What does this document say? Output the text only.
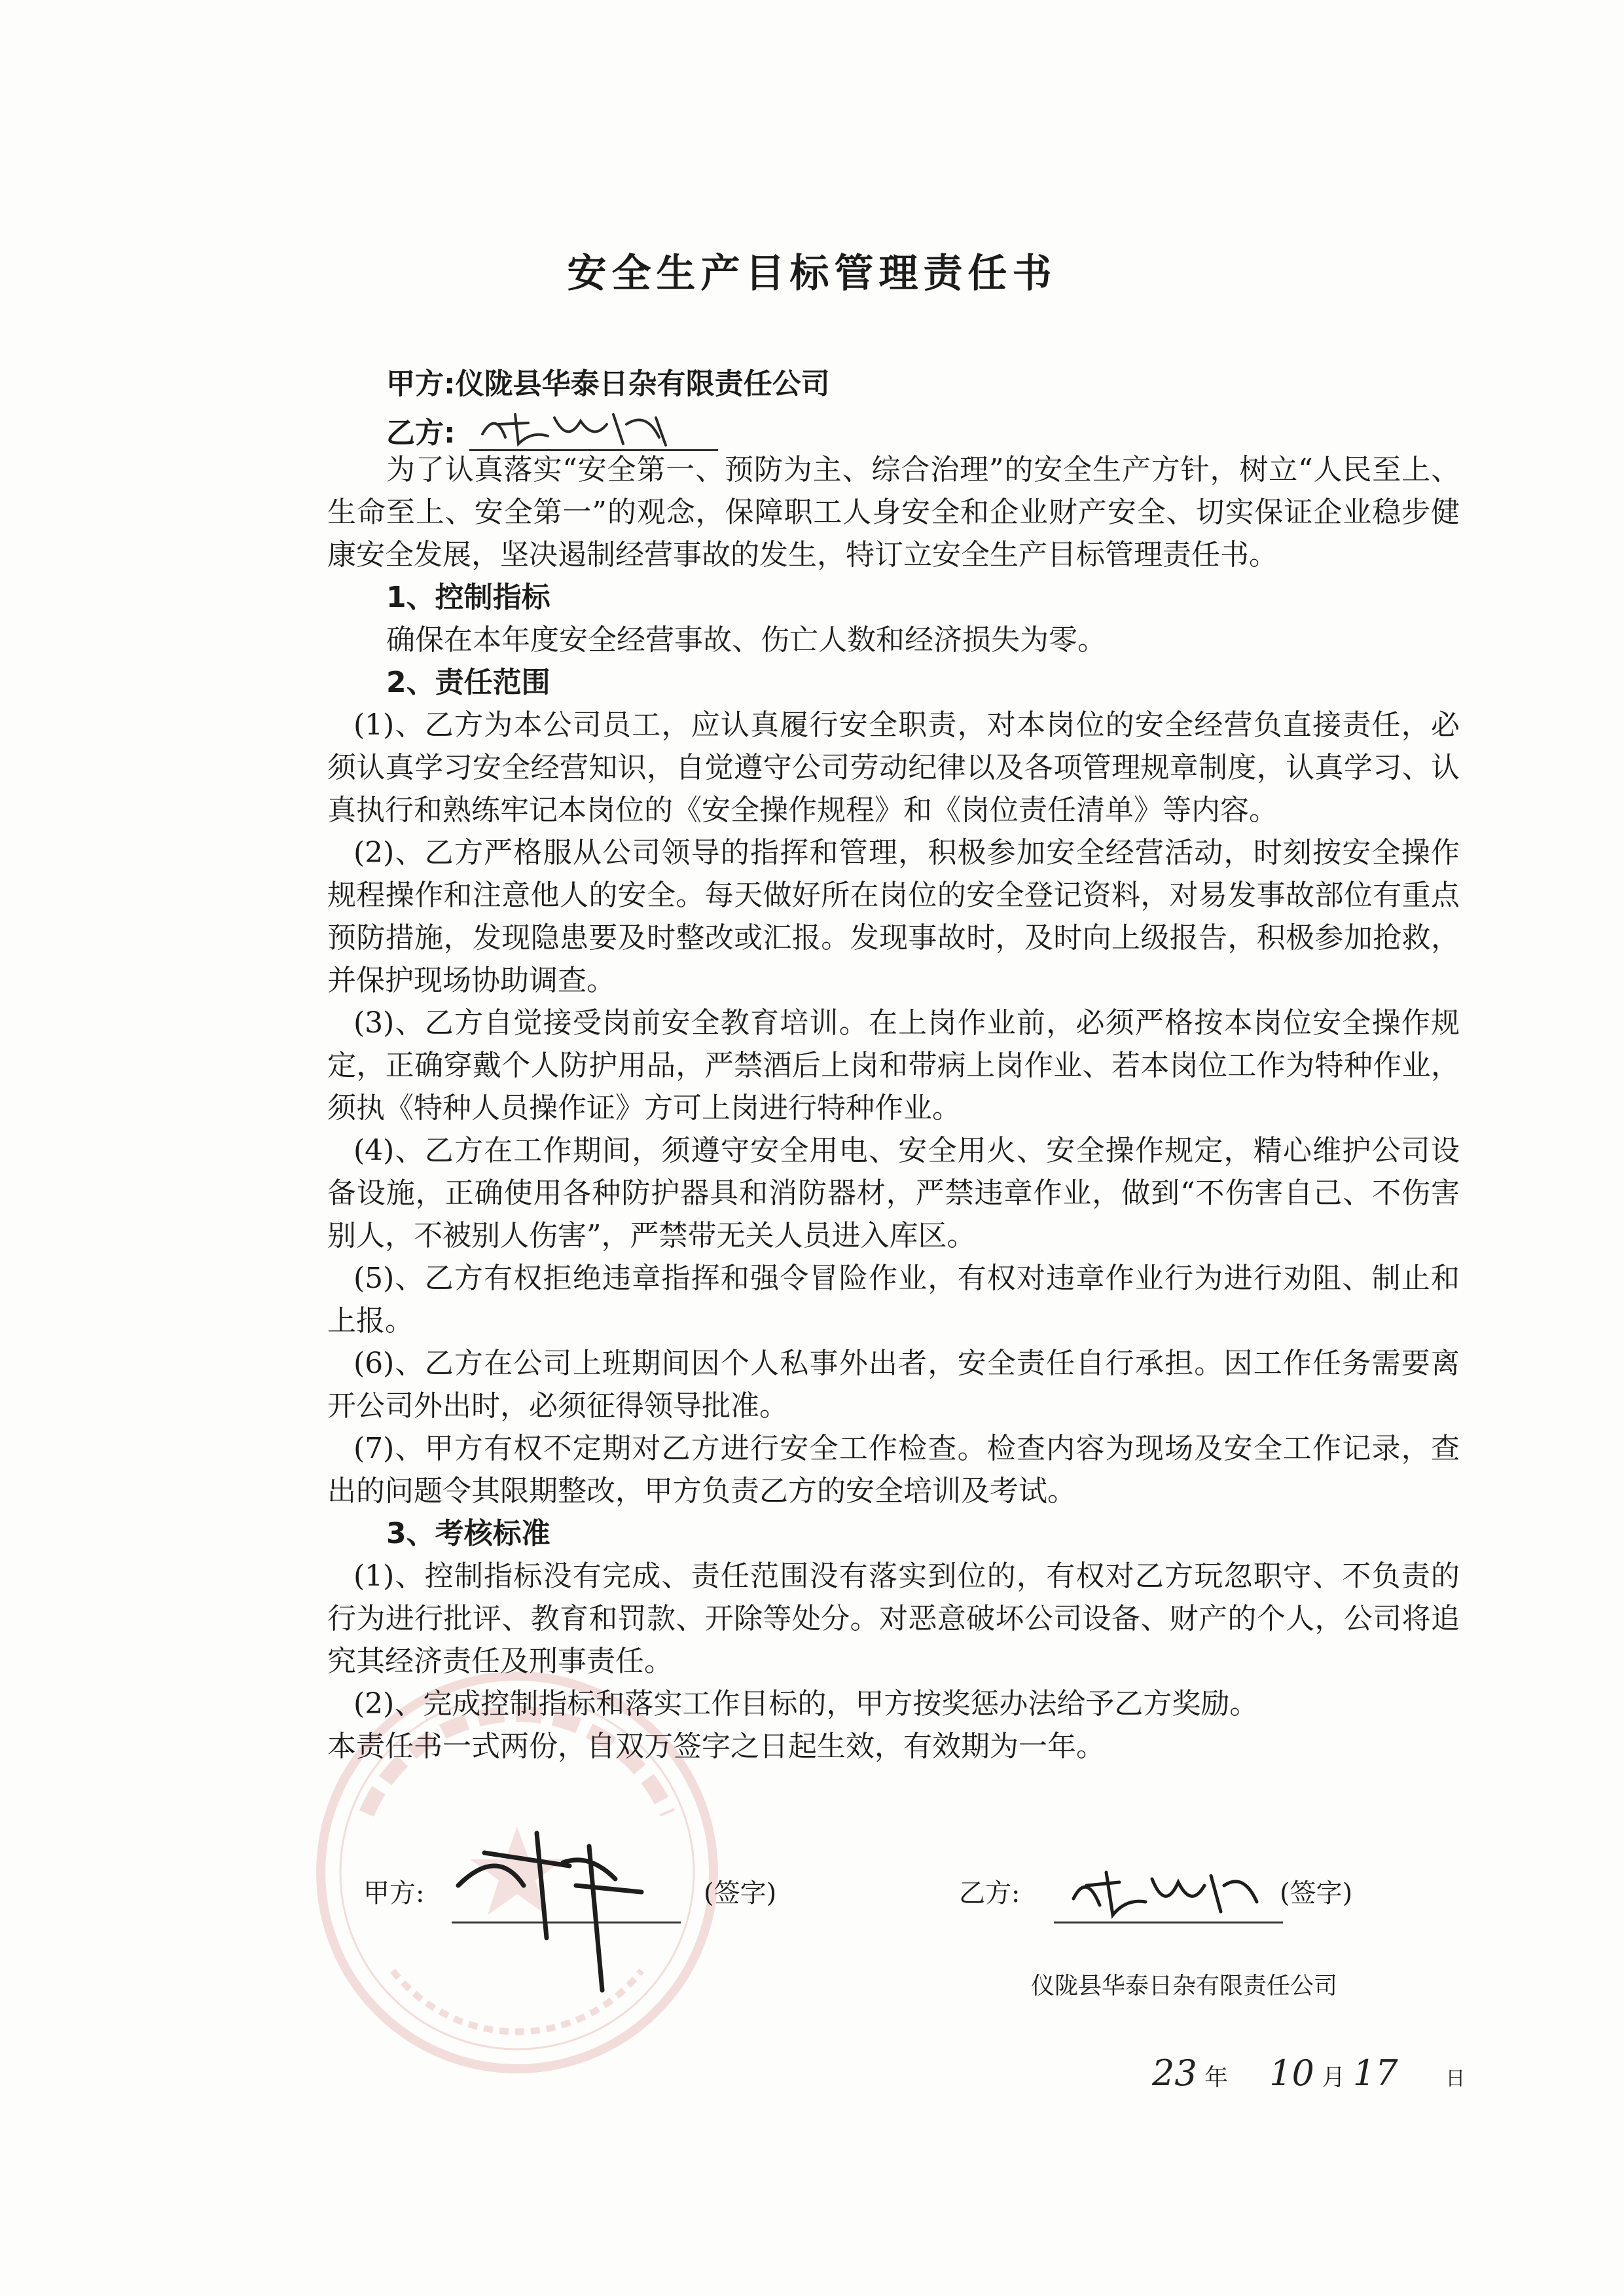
安全生产目标管理责任书
甲方:仪陇县华泰日杂有限责任公司
乙方:

为了认真落实“安全第一、预防为主、综合治理”的安全生产方针，树立“人民至上、生命至上、安全第一”的观念，保障职工人身安全和企业财产安全、切实保证企业稳步健康安全发展，坚决遏制经营事故的发生，特订立安全生产目标管理责任书。

1、控制指标

确保在本年度安全经营事故、伤亡人数和经济损失为零。

2、责任范围

(1)、乙方为本公司员工，应认真履行安全职责，对本岗位的安全经营负直接责任，必须认真学习安全经营知识，自觉遵守公司劳动纪律以及各项管理规章制度，认真学习、认真执行和熟练牢记本岗位的《安全操作规程》和《岗位责任清单》等内容。

(2)、乙方严格服从公司领导的指挥和管理，积极参加安全经营活动，时刻按安全操作规程操作和注意他人的安全。每天做好所在岗位的安全登记资料，对易发事故部位有重点预防措施，发现隐患要及时整改或汇报。发现事故时，及时向上级报告，积极参加抢救，并保护现场协助调查。

(3)、乙方自觉接受岗前安全教育培训。在上岗作业前，必须严格按本岗位安全操作规定，正确穿戴个人防护用品，严禁酒后上岗和带病上岗作业、若本岗位工作为特种作业，须执《特种人员操作证》方可上岗进行特种作业。

(4)、乙方在工作期间，须遵守安全用电、安全用火、安全操作规定，精心维护公司设备设施，正确使用各种防护器具和消防器材，严禁违章作业，做到“不伤害自己、不伤害别人，不被别人伤害”，严禁带无关人员进入库区。

(5)、乙方有权拒绝违章指挥和强令冒险作业，有权对违章作业行为进行劝阻、制止和上报。

(6)、乙方在公司上班期间因个人私事外出者，安全责任自行承担。因工作任务需要离开公司外出时，必须征得领导批准。

(7)、甲方有权不定期对乙方进行安全工作检查。检查内容为现场及安全工作记录，查出的问题令其限期整改，甲方负责乙方的安全培训及考试。

3、考核标准

(1)、控制指标没有完成、责任范围没有落实到位的，有权对乙方玩忽职守、不负责的行为进行批评、教育和罚款、开除等处分。对恶意破坏公司设备、财产的个人，公司将追究其经济责任及刑事责任。

(2)、完成控制指标和落实工作目标的，甲方按奖惩办法给予乙方奖励。

本责任书一式两份，自双万签字之日起生效，有效期为一年。

甲方:	(签字)	乙方:	(签字)
仪陇县华泰日杂有限责任公司
23 年 10 月 17 日
